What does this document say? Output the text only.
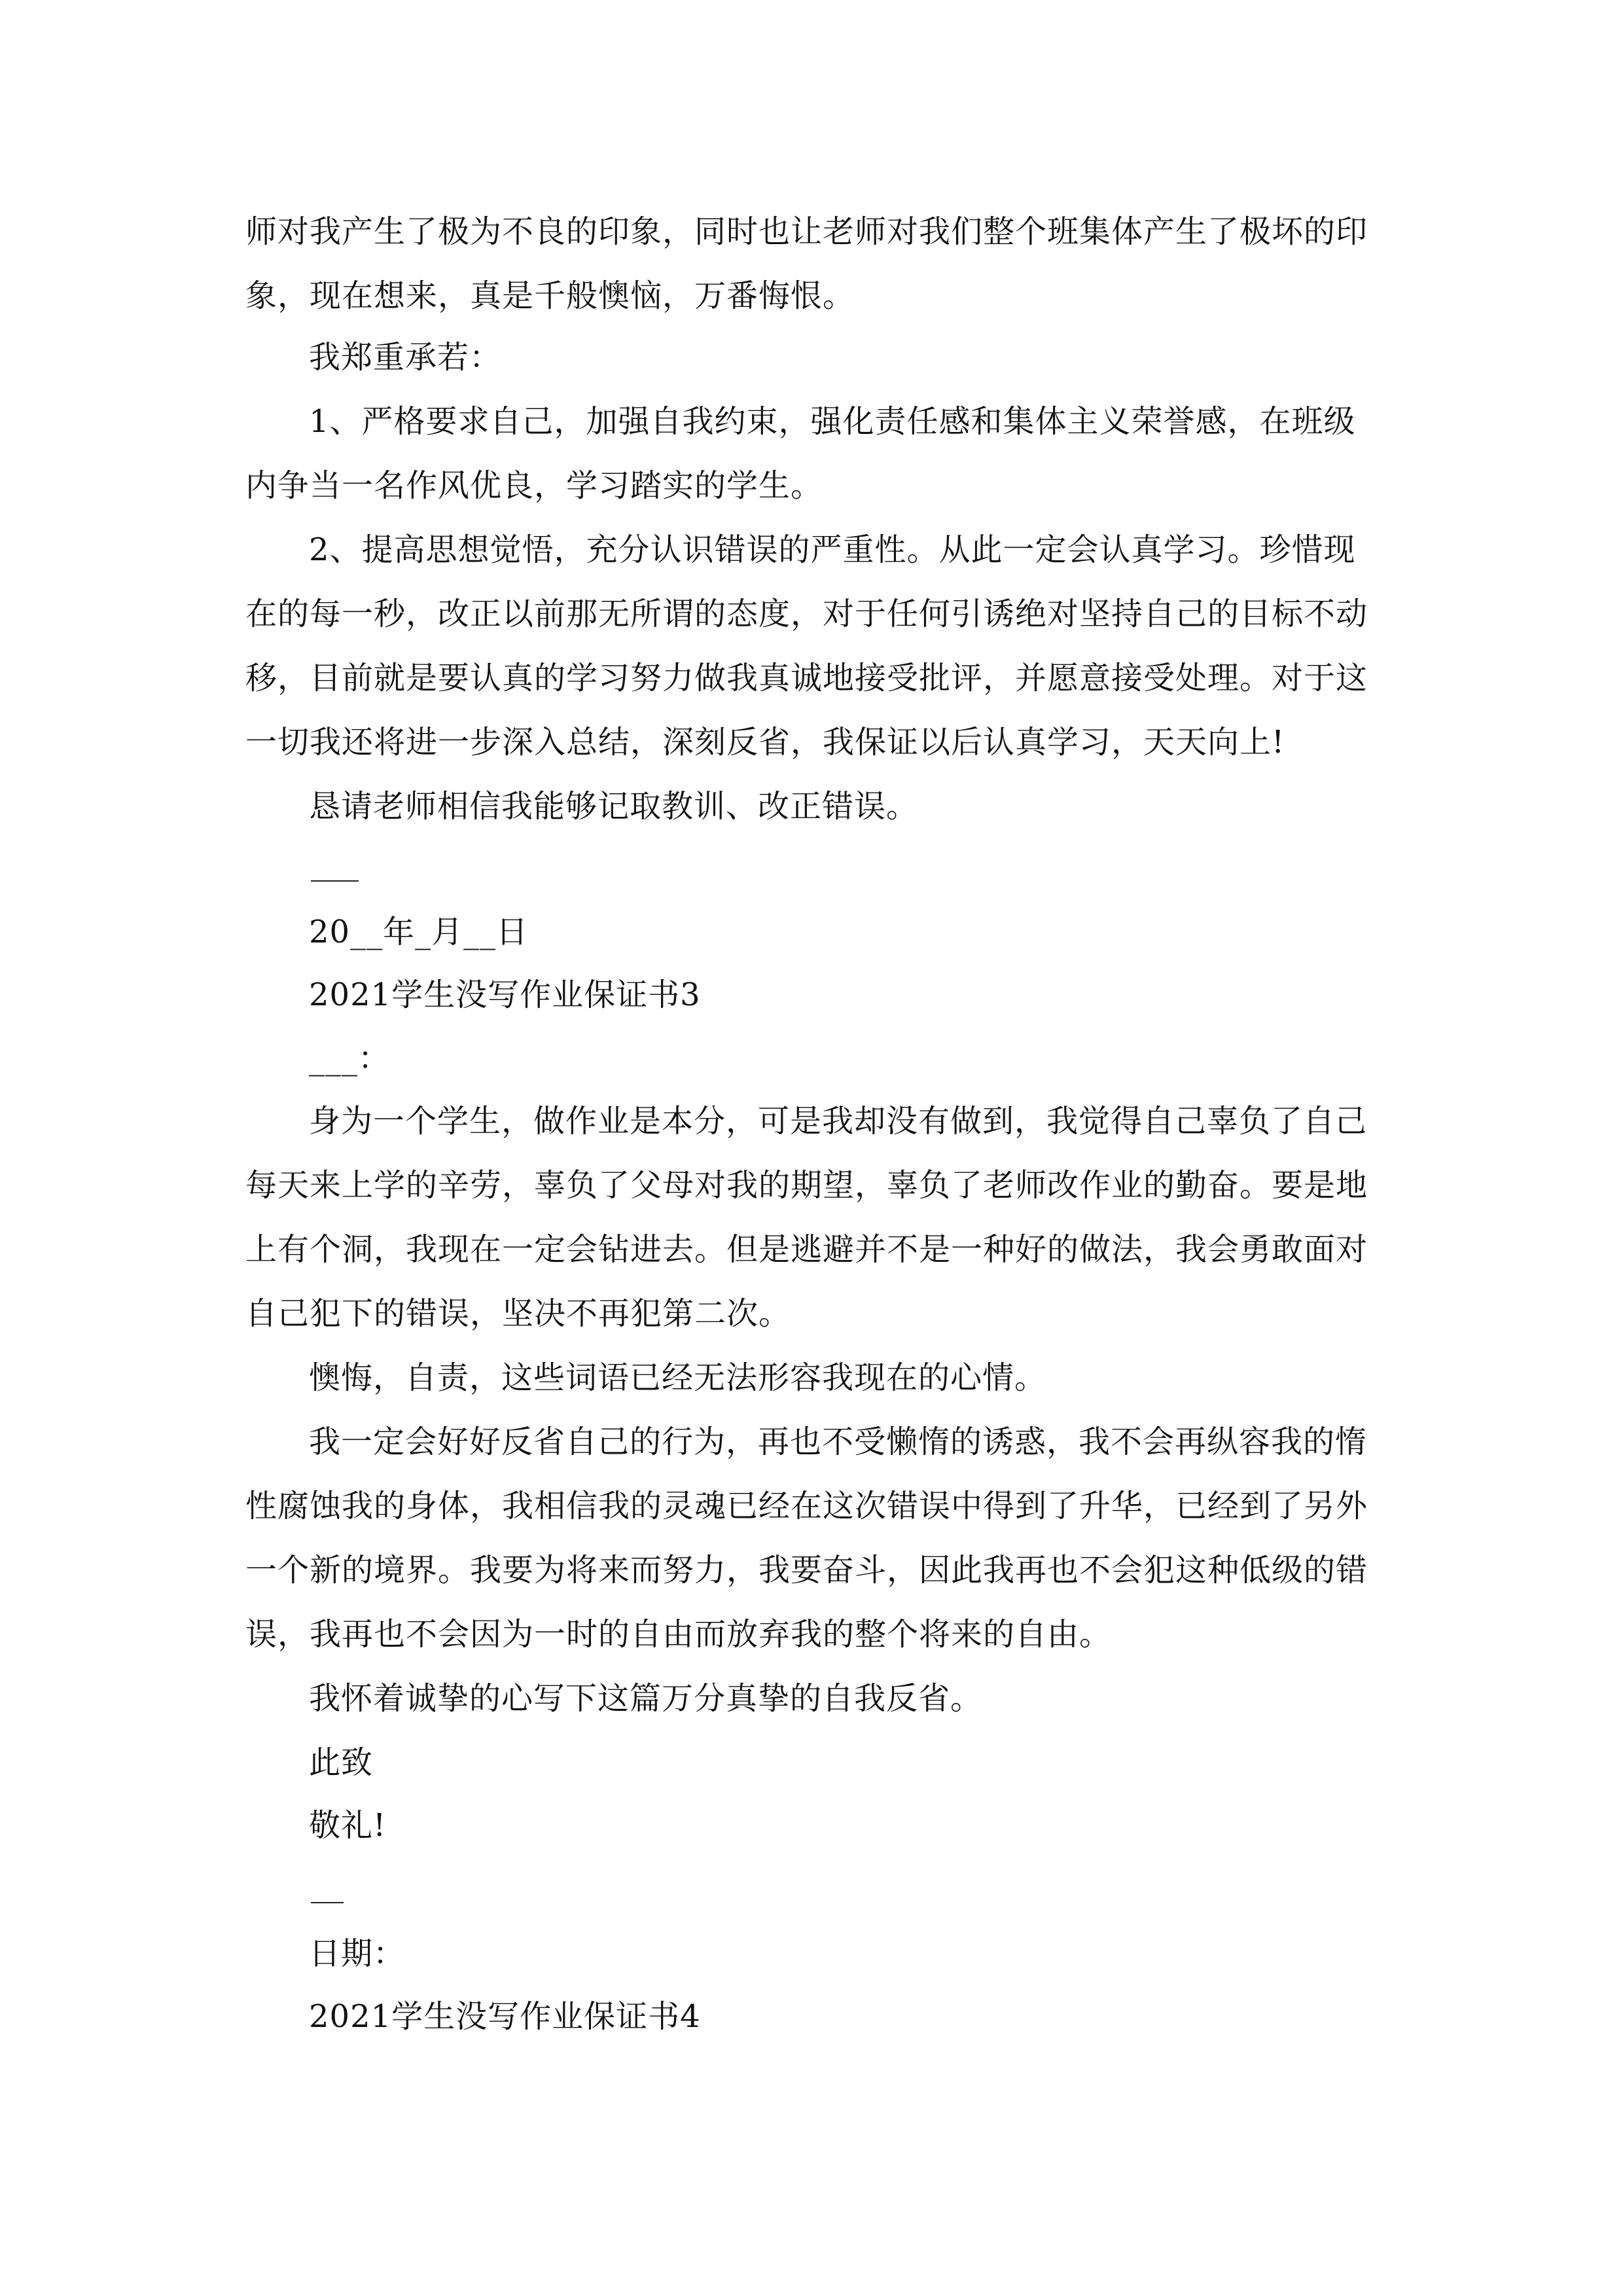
师对我产生了极为不良的印象，同时也让老师对我们整个班集体产生了极坏的印象，现在想来，真是千般懊恼，万番悔恨。
我郑重承若：
1、严格要求自己，加强自我约束，强化责任感和集体主义荣誉感，在班级内争当一名作风优良，学习踏实的学生。
2、提高思想觉悟，充分认识错误的严重性。从此一定会认真学习。珍惜现在的每一秒，改正以前那无所谓的态度，对于任何引诱绝对坚持自己的目标不动移，目前就是要认真的学习努力做我真诚地接受批评，并愿意接受处理。对于这一切我还将进一步深入总结，深刻反省，我保证以后认真学习，天天向上!
恳请老师相信我能够记取教训、改正错误。
20__年_月__日
2021学生没写作业保证书3
___：
身为一个学生，做作业是本分，可是我却没有做到，我觉得自己辜负了自己每天来上学的辛劳，辜负了父母对我的期望，辜负了老师改作业的勤奋。要是地上有个洞，我现在一定会钻进去。但是逃避并不是一种好的做法，我会勇敢面对自己犯下的错误，坚决不再犯第二次。
懊悔，自责，这些词语已经无法形容我现在的心情。
我一定会好好反省自己的行为，再也不受懒惰的诱惑，我不会再纵容我的惰性腐蚀我的身体，我相信我的灵魂已经在这次错误中得到了升华，已经到了另外一个新的境界。我要为将来而努力，我要奋斗，因此我再也不会犯这种低级的错误，我再也不会因为一时的自由而放弃我的整个将来的自由。
我怀着诚挚的心写下这篇万分真挚的自我反省。
此致
敬礼!
日期：
2021学生没写作业保证书4
